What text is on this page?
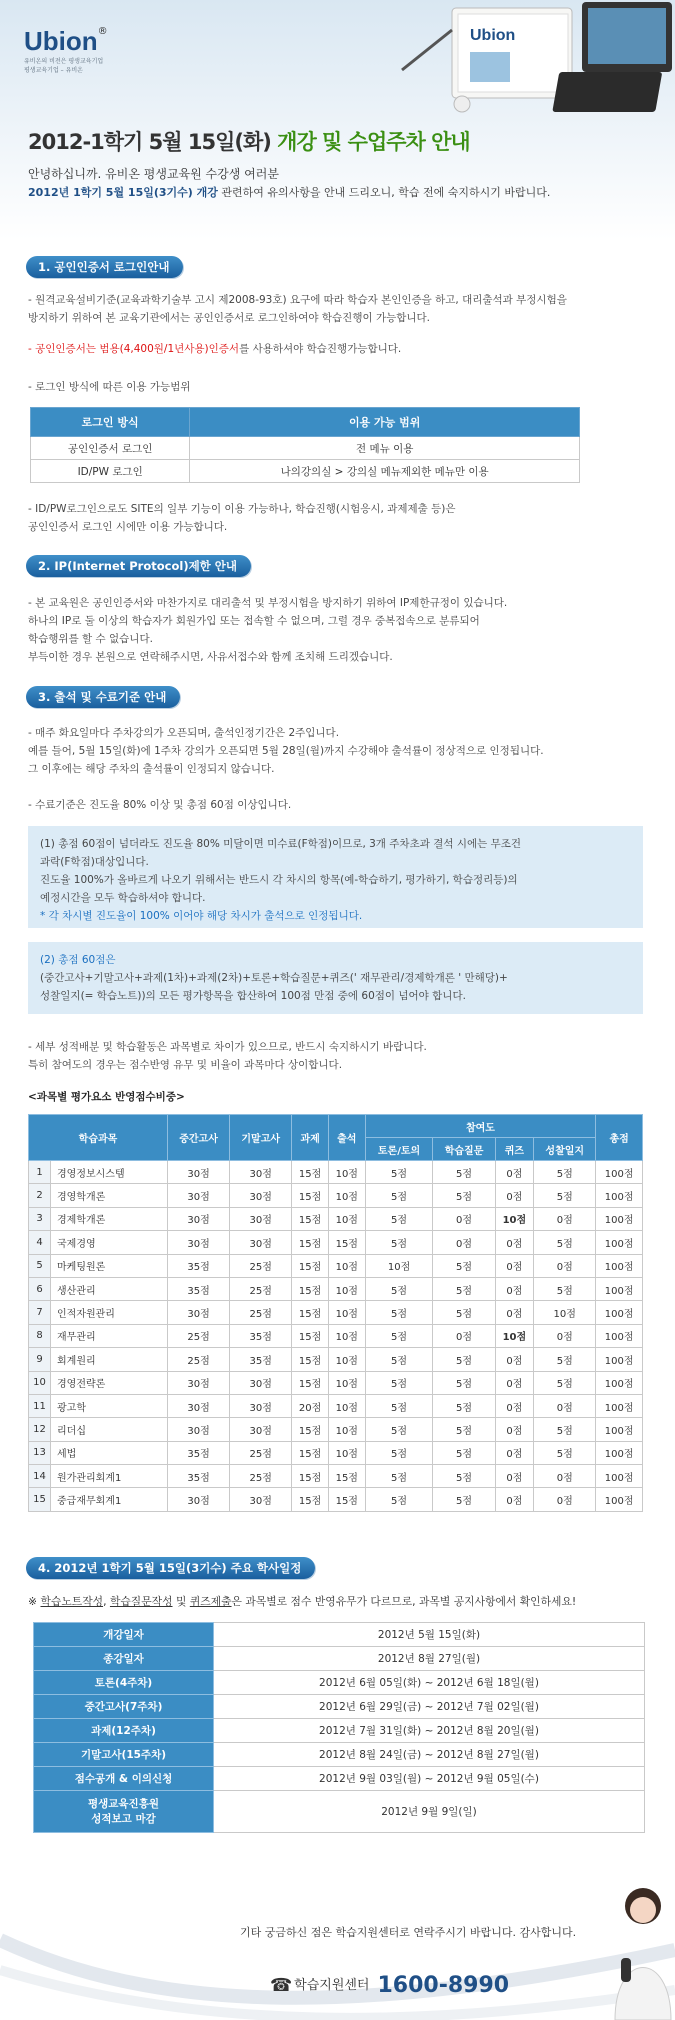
Ubion
Ubion®
유비온의 비전은 평생교육기업
평생교육기업 – 유비온
2012-1학기 5월 15일(화) 개강 및 수업주차 안내
안녕하십니까. 유비온 평생교육원 수강생 여러분
2012년 1학기 5월 15일(3기수) 개강 관련하여 유의사항을 안내 드리오니, 학습 전에 숙지하시기 바랍니다.
1. 공인인증서 로그인안내
- 원격교육설비기준(교육과학기술부 고시 제2008-93호) 요구에 따라 학습자 본인인증을 하고, 대리출석과 부정시험을
방지하기 위하여 본 교육기관에서는 공인인증서로 로그인하여야 학습진행이 가능합니다.
- 공인인증서는 범용(4,400원/1년사용)인증서를 사용하셔야 학습진행가능합니다.
- 로그인 방식에 따른 이용 가능범위
로그인 방식	이용 가능 범위
공인인증서 로그인	전 메뉴 이용
ID/PW 로그인	나의강의실 > 강의실 메뉴제외한 메뉴만 이용
- ID/PW로그인으로도 SITE의 일부 기능이 이용 가능하나, 학습진행(시험응시, 과제제출 등)은
공인인증서 로그인 시에만 이용 가능합니다.
2. IP(Internet Protocol)제한 안내
- 본 교육원은 공인인증서와 마찬가지로 대리출석 및 부정시험을 방지하기 위하여 IP제한규정이 있습니다.
하나의 IP로 둘 이상의 학습자가 회원가입 또는 접속할 수 없으며, 그럴 경우 중복접속으로 분류되어
학습행위를 할 수 없습니다.
부득이한 경우 본원으로 연락해주시면, 사유서접수와 함께 조치해 드리겠습니다.
3. 출석 및 수료기준 안내
- 매주 화요일마다 주차강의가 오픈되며, 출석인정기간은 2주입니다.
예를 들어, 5월 15일(화)에 1주차 강의가 오픈되면 5월 28일(월)까지 수강해야 출석률이 정상적으로 인정됩니다.
그 이후에는 해당 주차의 출석률이 인정되지 않습니다.
- 수료기준은 진도율 80% 이상 및 총점 60점 이상입니다.
(1) 총점 60점이 넘더라도 진도율 80% 미달이면 미수료(F학점)이므로, 3개 주차초과 결석 시에는 무조건
과락(F학점)대상입니다.
진도율 100%가 올바르게 나오기 위해서는 반드시 각 차시의 항목(예-학습하기, 평가하기, 학습정리등)의
예정시간을 모두 학습하셔야 합니다.
* 각 차시별 진도율이 100% 이어야 해당 차시가 출석으로 인정됩니다.
(2) 총점 60점은
(중간고사+기말고사+과제(1차)+과제(2차)+토론+학습질문+퀴즈(' 재무관리/경제학개론 ' 만해당)+
성찰일지(= 학습노트))의 모든 평가항목을 합산하여 100점 만점 중에 60점이 넘어야 합니다.
- 세부 성적배분 및 학습활동은 과목별로 차이가 있으므로, 반드시 숙지하시기 바랍니다.
특히 참여도의 경우는 점수반영 유무 및 비율이 과목마다 상이합니다.
<과목별 평가요소 반영점수비중>
학습과목		중간고사	기말고사	과제	출석	참여도				총점
						토론/토의	학습질문	퀴즈	성찰일지	
1	경영정보시스템	30점	30점	15점	10점	5점	5점	0점	5점	100점
2	경영학개론	30점	30점	15점	10점	5점	5점	0점	5점	100점
3	경제학개론	30점	30점	15점	10점	5점	0점	10점	0점	100점
4	국제경영	30점	30점	15점	15점	5점	0점	0점	5점	100점
5	마케팅원론	35점	25점	15점	10점	10점	5점	0점	0점	100점
6	생산관리	35점	25점	15점	10점	5점	5점	0점	5점	100점
7	인적자원관리	30점	25점	15점	10점	5점	5점	0점	10점	100점
8	재무관리	25점	35점	15점	10점	5점	0점	10점	0점	100점
9	회계원리	25점	35점	15점	10점	5점	5점	0점	5점	100점
10	경영전략론	30점	30점	15점	10점	5점	5점	0점	5점	100점
11	광고학	30점	30점	20점	10점	5점	5점	0점	0점	100점
12	리더십	30점	30점	15점	10점	5점	5점	0점	5점	100점
13	세법	35점	25점	15점	10점	5점	5점	0점	5점	100점
14	원가관리회계1	35점	25점	15점	15점	5점	5점	0점	0점	100점
15	중급재무회계1	30점	30점	15점	15점	5점	5점	0점	0점	100점
4. 2012년 1학기 5월 15일(3기수) 주요 학사일정
※ 학습노트작성, 학습질문작성 및 퀴즈제출은 과목별로 점수 반영유무가 다르므로, 과목별 공지사항에서 확인하세요!
개강일자	2012년 5월 15일(화)
종강일자	2012년 8월 27일(월)
토론(4주차)	2012년 6월 05일(화) ~ 2012년 6월 18일(월)
중간고사(7주차)	2012년 6월 29일(금) ~ 2012년 7월 02일(월)
과제(12주차)	2012년 7월 31일(화) ~ 2012년 8월 20일(월)
기말고사(15주차)	2012년 8월 24일(금) ~ 2012년 8월 27일(월)
점수공개 & 이의신청	2012년 9월 03일(월) ~ 2012년 9월 05일(수)
평생교육진흥원
성적보고 마감	2012년 9월 9일(일)
기타 궁금하신 점은 학습지원센터로 연락주시기 바랍니다. 감사합니다.
☎ 학습지원센터 1600-8990
